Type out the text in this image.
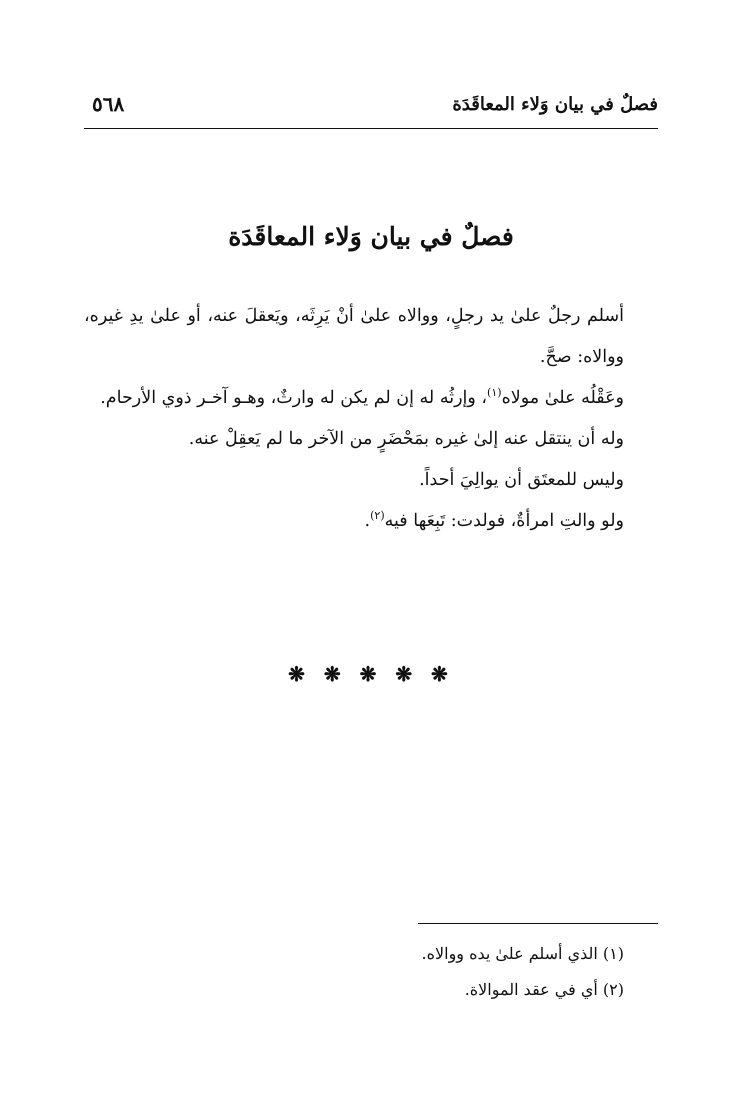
فصلٌ في بيان وَلاء المعاقَدَة
٥٦٨
فصلٌ في بيان وَلاء المعاقَدَة

أسلم رجلٌ علىٰ يد رجلٍ، ووالاه علىٰ أنْ يَرِثَه، ويَعقلَ عنه، أو علىٰ يدِ غيره، ووالاه: صحَّ.

وعَقْلُه علىٰ مولاه$^{(١)}$، وإرثُه له إن لم يكن له وارثٌ، وهـو آخـر ذوي الأرحام.

وله أن ينتقل عنه إلىٰ غيره بمَحْضَرٍ من الآخر ما لم يَعقِلْ عنه.

وليس للمعتَق أن يوالِيَ أحداً.

ولو والتِ امرأةٌ، فولدت: تَبِعَها فيه$^{(٢)}$.

❋ ❋ ❋ ❋ ❋

(١) الذي أسلم علىٰ يده ووالاه.

(٢) أي في عقد الموالاة.
